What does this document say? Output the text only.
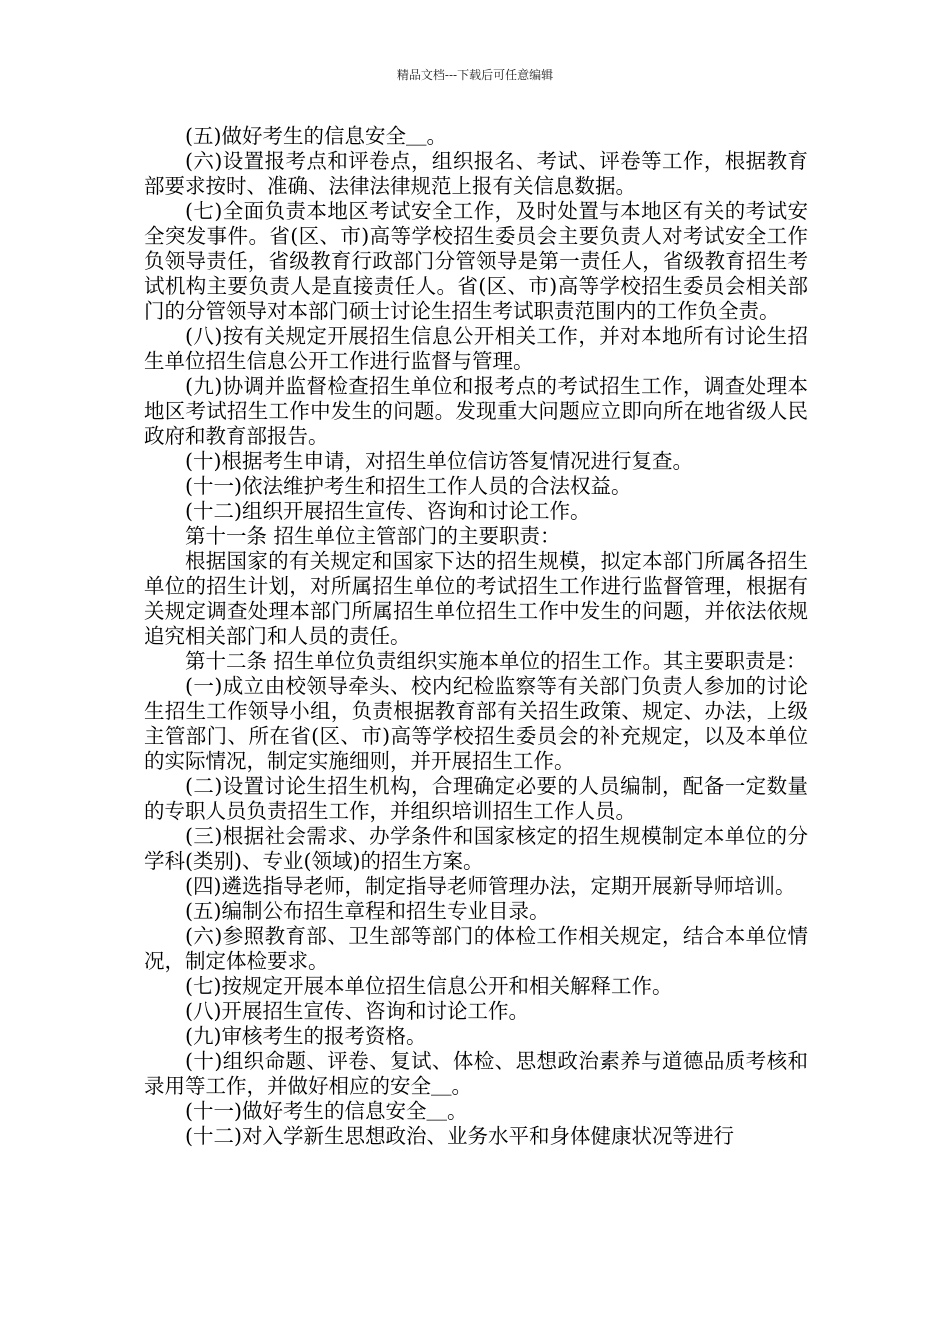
精品文档---下载后可任意编辑

(五)做好考生的信息安全＿。

(六)设置报考点和评卷点，组织报名、考试、评卷等工作，根据教育部要求按时、准确、法律法律规范上报有关信息数据。

(七)全面负责本地区考试安全工作，及时处置与本地区有关的考试安全突发事件。省(区、市)高等学校招生委员会主要负责人对考试安全工作负领导责任，省级教育行政部门分管领导是第一责任人，省级教育招生考试机构主要负责人是直接责任人。省(区、市)高等学校招生委员会相关部门的分管领导对本部门硕士讨论生招生考试职责范围内的工作负全责。

(八)按有关规定开展招生信息公开相关工作，并对本地所有讨论生招生单位招生信息公开工作进行监督与管理。

(九)协调并监督检查招生单位和报考点的考试招生工作，调查处理本地区考试招生工作中发生的问题。发现重大问题应立即向所在地省级人民政府和教育部报告。

(十)根据考生申请，对招生单位信访答复情况进行复查。

(十一)依法维护考生和招生工作人员的合法权益。

(十二)组织开展招生宣传、咨询和讨论工作。

第十一条 招生单位主管部门的主要职责：

根据国家的有关规定和国家下达的招生规模，拟定本部门所属各招生单位的招生计划，对所属招生单位的考试招生工作进行监督管理，根据有关规定调查处理本部门所属招生单位招生工作中发生的问题，并依法依规追究相关部门和人员的责任。

第十二条 招生单位负责组织实施本单位的招生工作。其主要职责是：

(一)成立由校领导牵头、校内纪检监察等有关部门负责人参加的讨论生招生工作领导小组，负责根据教育部有关招生政策、规定、办法，上级主管部门、所在省(区、市)高等学校招生委员会的补充规定，以及本单位的实际情况，制定实施细则，并开展招生工作。

(二)设置讨论生招生机构，合理确定必要的人员编制，配备一定数量的专职人员负责招生工作，并组织培训招生工作人员。

(三)根据社会需求、办学条件和国家核定的招生规模制定本单位的分学科(类别)、专业(领域)的招生方案。

(四)遴选指导老师，制定指导老师管理办法，定期开展新导师培训。

(五)编制公布招生章程和招生专业目录。

(六)参照教育部、卫生部等部门的体检工作相关规定，结合本单位情况，制定体检要求。

(七)按规定开展本单位招生信息公开和相关解释工作。

(八)开展招生宣传、咨询和讨论工作。

(九)审核考生的报考资格。

(十)组织命题、评卷、复试、体检、思想政治素养与道德品质考核和录用等工作，并做好相应的安全＿。

(十一)做好考生的信息安全＿。

(十二)对入学新生思想政治、业务水平和身体健康状况等进行
